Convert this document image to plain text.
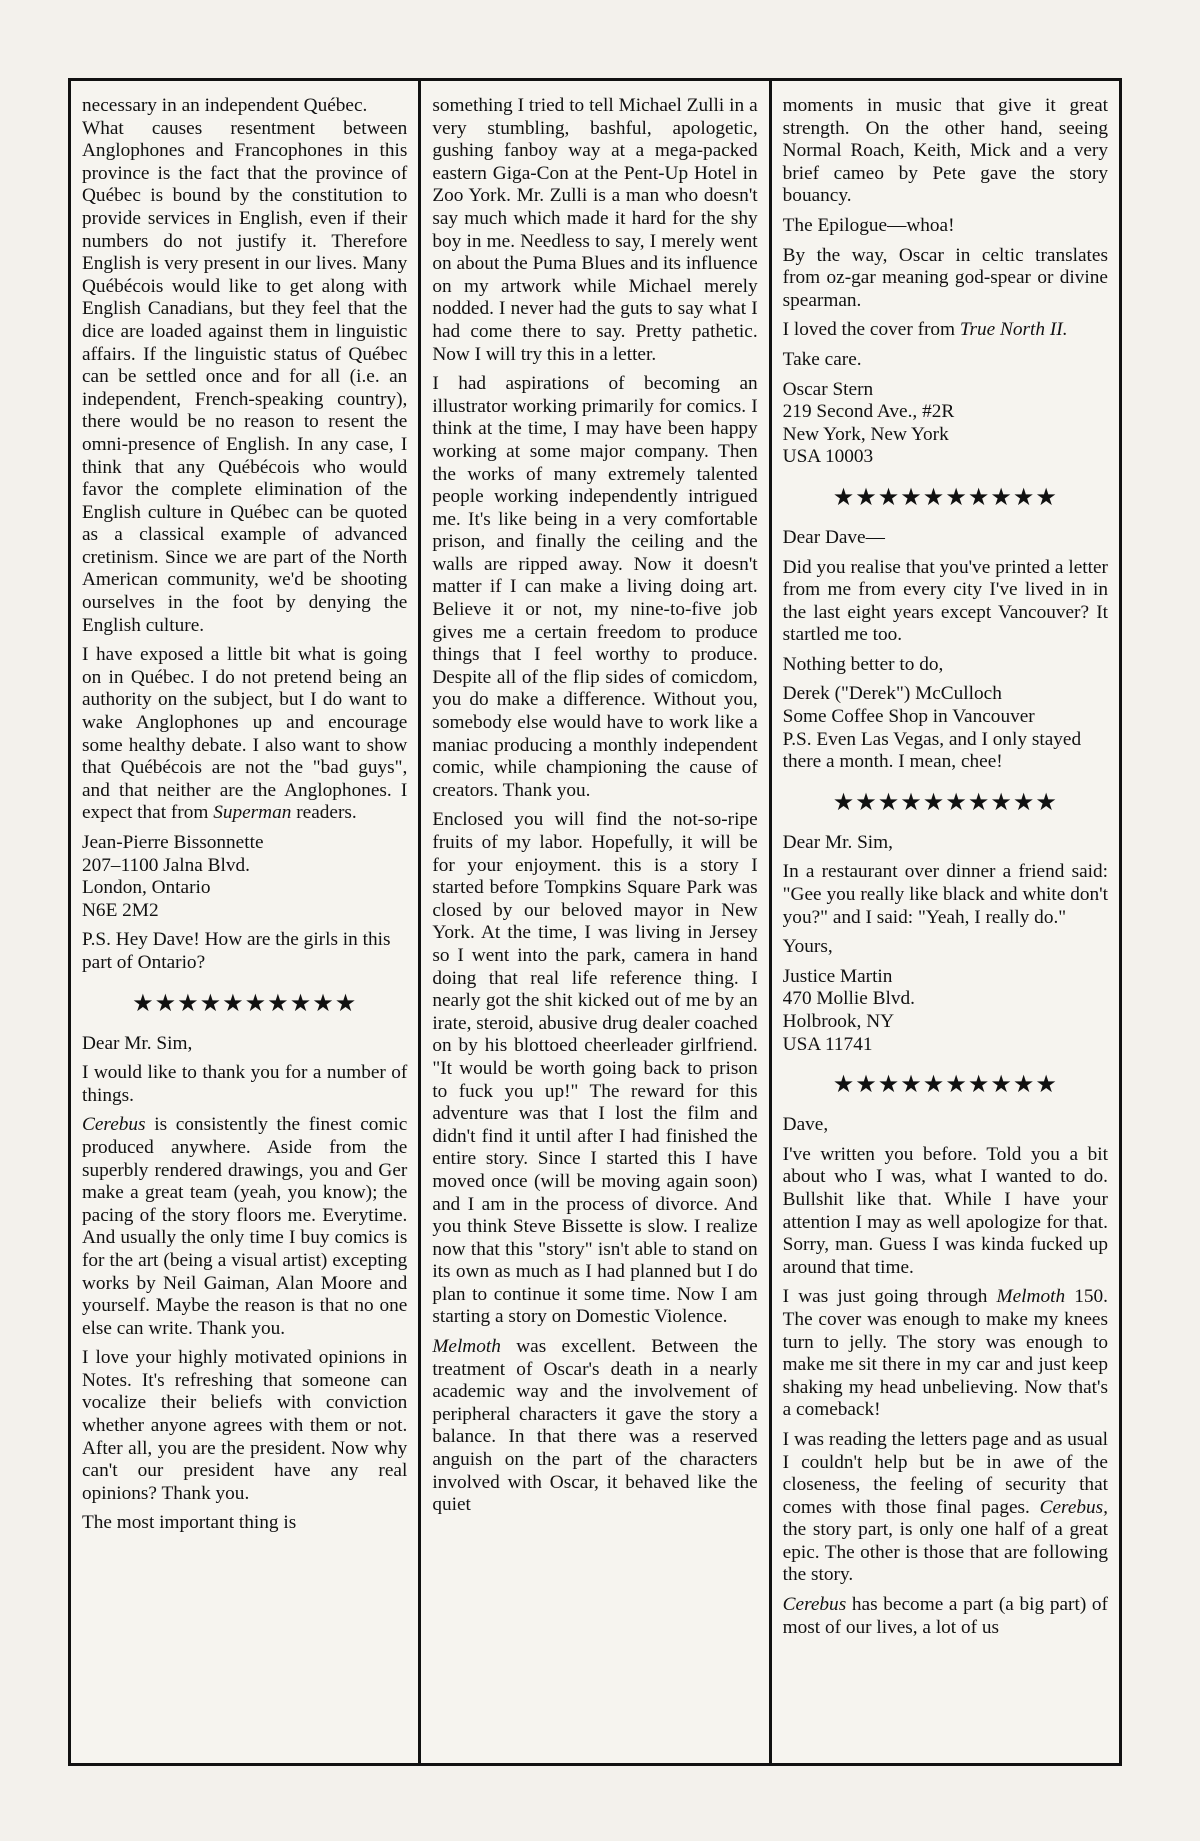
necessary in an independent Québec.

What causes resentment between Anglophones and Francophones in this province is the fact that the province of Québec is bound by the constitution to provide services in English, even if their numbers do not justify it. Therefore English is very present in our lives. Many Québécois would like to get along with English Canadians, but they feel that the dice are loaded against them in linguistic affairs. If the linguistic status of Québec can be settled once and for all (i.e. an independent, French-speaking country), there would be no reason to resent the omni-presence of English. In any case, I think that any Québécois who would favor the complete elimination of the English culture in Québec can be quoted as a classical example of advanced cretinism. Since we are part of the North American community, we'd be shooting ourselves in the foot by denying the English culture.

I have exposed a little bit what is going on in Québec. I do not pretend being an authority on the subject, but I do want to wake Anglophones up and encourage some healthy debate. I also want to show that Québécois are not the "bad guys", and that neither are the Anglophones. I expect that from Superman readers.

Jean-Pierre Bissonnette
207–1100 Jalna Blvd.
London, Ontario
N6E 2M2

P.S. Hey Dave! How are the girls in this part of Ontario?

★★★★★★★★★★

Dear Mr. Sim,

I would like to thank you for a number of things.

Cerebus is consistently the finest comic produced anywhere. Aside from the superbly rendered drawings, you and Ger make a great team (yeah, you know); the pacing of the story floors me. Everytime. And usually the only time I buy comics is for the art (being a visual artist) excepting works by Neil Gaiman, Alan Moore and yourself. Maybe the reason is that no one else can write. Thank you.

I love your highly motivated opinions in Notes. It's refreshing that someone can vocalize their beliefs with conviction whether anyone agrees with them or not. After all, you are the president. Now why can't our president have any real opinions? Thank you.

The most important thing is

something I tried to tell Michael Zulli in a very stumbling, bashful, apologetic, gushing fanboy way at a mega-packed eastern Giga-Con at the Pent-Up Hotel in Zoo York. Mr. Zulli is a man who doesn't say much which made it hard for the shy boy in me. Needless to say, I merely went on about the Puma Blues and its influence on my artwork while Michael merely nodded. I never had the guts to say what I had come there to say. Pretty pathetic. Now I will try this in a letter.

I had aspirations of becoming an illustrator working primarily for comics. I think at the time, I may have been happy working at some major company. Then the works of many extremely talented people working independently intrigued me. It's like being in a very comfortable prison, and finally the ceiling and the walls are ripped away. Now it doesn't matter if I can make a living doing art. Believe it or not, my nine-to-five job gives me a certain freedom to produce things that I feel worthy to produce. Despite all of the flip sides of comicdom, you do make a difference. Without you, somebody else would have to work like a maniac producing a monthly independent comic, while championing the cause of creators. Thank you.

Enclosed you will find the not-so-ripe fruits of my labor. Hopefully, it will be for your enjoyment. this is a story I started before Tompkins Square Park was closed by our beloved mayor in New York. At the time, I was living in Jersey so I went into the park, camera in hand doing that real life reference thing. I nearly got the shit kicked out of me by an irate, steroid, abusive drug dealer coached on by his blottoed cheerleader girlfriend. "It would be worth going back to prison to fuck you up!" The reward for this adventure was that I lost the film and didn't find it until after I had finished the entire story. Since I started this I have moved once (will be moving again soon) and I am in the process of divorce. And you think Steve Bissette is slow. I realize now that this "story" isn't able to stand on its own as much as I had planned but I do plan to continue it some time. Now I am starting a story on Domestic Violence.

Melmoth was excellent. Between the treatment of Oscar's death in a nearly academic way and the involvement of peripheral characters it gave the story a balance. In that there was a reserved anguish on the part of the characters involved with Oscar, it behaved like the quiet

moments in music that give it great strength. On the other hand, seeing Normal Roach, Keith, Mick and a very brief cameo by Pete gave the story bouancy.

The Epilogue—whoa!

By the way, Oscar in celtic translates from oz-gar meaning god-spear or divine spearman.

I loved the cover from True North II.

Take care.

Oscar Stern
219 Second Ave., #2R
New York, New York
USA 10003
★★★★★★★★★★

Dear Dave—

Did you realise that you've printed a letter from me from every city I've lived in in the last eight years except Vancouver? It startled me too.

Nothing better to do,

Derek ("Derek") McCulloch
Some Coffee Shop in Vancouver
P.S. Even Las Vegas, and I only stayed there a month. I mean, chee!
★★★★★★★★★★

Dear Mr. Sim,

In a restaurant over dinner a friend said: "Gee you really like black and white don't you?" and I said: "Yeah, I really do."

Yours,

Justice Martin
470 Mollie Blvd.
Holbrook, NY
USA 11741
★★★★★★★★★★

Dave,

I've written you before. Told you a bit about who I was, what I wanted to do. Bullshit like that. While I have your attention I may as well apologize for that. Sorry, man. Guess I was kinda fucked up around that time.

I was just going through Melmoth 150. The cover was enough to make my knees turn to jelly. The story was enough to make me sit there in my car and just keep shaking my head unbelieving. Now that's a comeback!

I was reading the letters page and as usual I couldn't help but be in awe of the closeness, the feeling of security that comes with those final pages. Cerebus, the story part, is only one half of a great epic. The other is those that are following the story.

Cerebus has become a part (a big part) of most of our lives, a lot of us
